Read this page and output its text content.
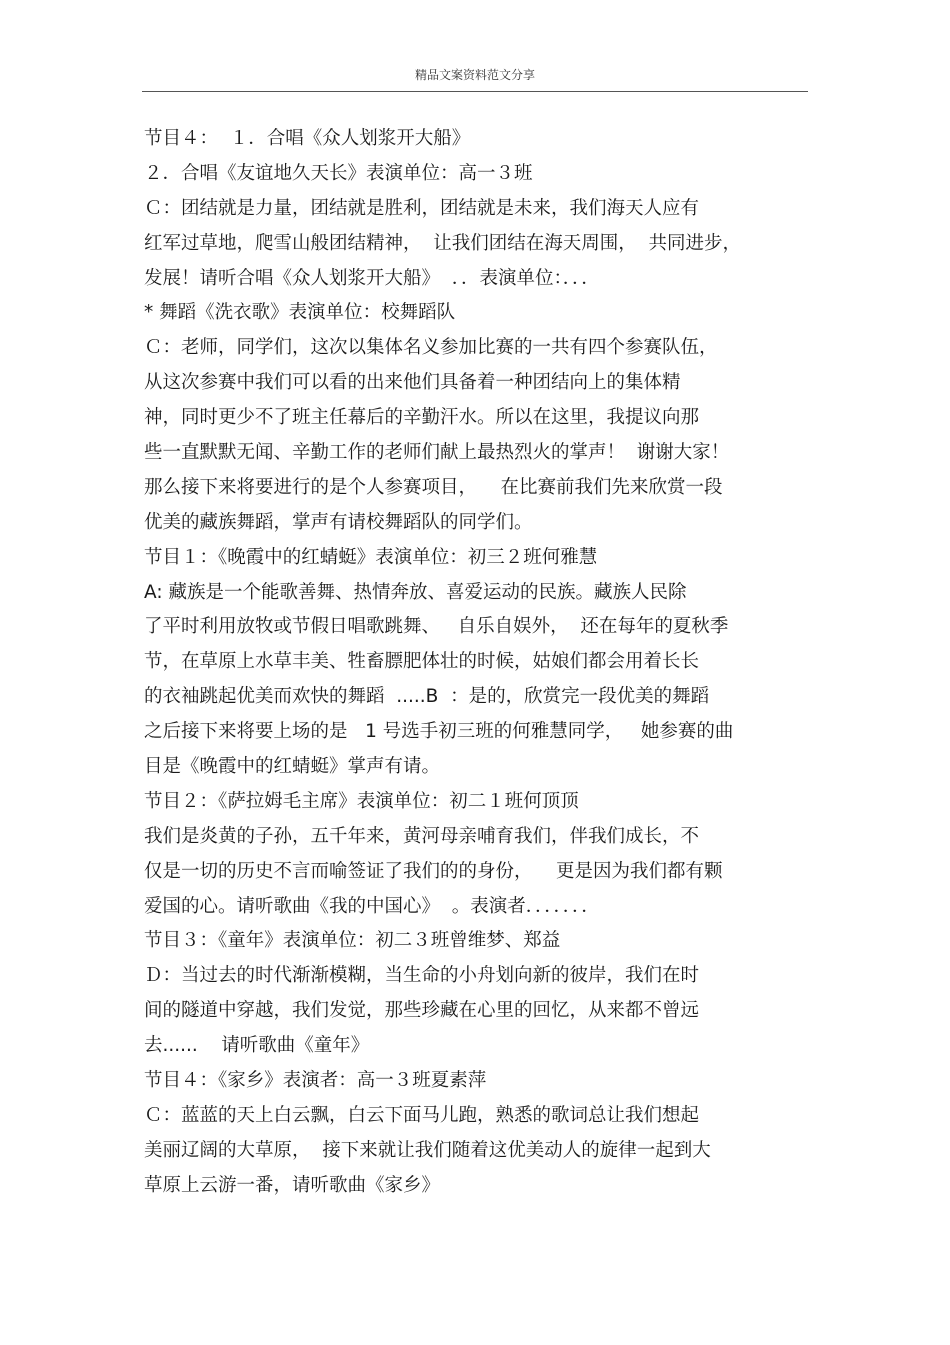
精品文案资料范文分享
节目４：  １．合唱《众人划浆开大船》
２．合唱《友谊地久天长》表演单位：高一３班
Ｃ：团结就是力量，团结就是胜利，团结就是未来，我们海天人应有
红军过草地，爬雪山般团结精神，  让我们团结在海天周围，  共同进步，
发展！请听合唱《众人划浆开大船》  ．．表演单位：．．．
* 舞蹈《洗衣歌》表演单位：校舞蹈队
Ｃ：老师，同学们，这次以集体名义参加比赛的一共有四个参赛队伍，
从这次参赛中我们可以看的出来他们具备着一种团结向上的集体精
神，同时更少不了班主任幕后的辛勤汗水。所以在这里，我提议向那
些一直默默无闻、辛勤工作的老师们献上最热烈火的掌声！  谢谢大家！
那么接下来将要进行的是个人参赛项目，    在比赛前我们先来欣赏一段
优美的藏族舞蹈，掌声有请校舞蹈队的同学们。
节目１：《晚霞中的红蜻蜓》表演单位：初三２班何雅慧
A: 藏族是一个能歌善舞、热情奔放、喜爱运动的民族。藏族人民除
了平时利用放牧或节假日唱歌跳舞、   自乐自娱外，  还在每年的夏秋季
节，在草原上水草丰美、牲畜膘肥体壮的时候，姑娘们都会用着长长
的衣袖跳起优美而欢快的舞蹈  .....B  ：是的，欣赏完一段优美的舞蹈
之后接下来将要上场的是   1 号选手初三班的何雅慧同学，   她参赛的曲
目是《晚霞中的红蜻蜓》掌声有请。
节目２：《萨拉姆毛主席》表演单位：初二１班何顶顶
我们是炎黄的子孙，五千年来，黄河母亲哺育我们，伴我们成长，不
仅是一切的历史不言而喻签证了我们的的身份，    更是因为我们都有颗
爱国的心。请听歌曲《我的中国心》  。表演者．．．．．．．
节目３：《童年》表演单位：初二３班曾维梦、郑益
Ｄ：当过去的时代渐渐模糊，当生命的小舟划向新的彼岸，我们在时
间的隧道中穿越，我们发觉，那些珍藏在心里的回忆，从来都不曾远
去......    请听歌曲《童年》
节目４：《家乡》表演者：高一３班夏素萍
Ｃ：蓝蓝的天上白云飘，白云下面马儿跑，熟悉的歌词总让我们想起
美丽辽阔的大草原，  接下来就让我们随着这优美动人的旋律一起到大
草原上云游一番，请听歌曲《家乡》
